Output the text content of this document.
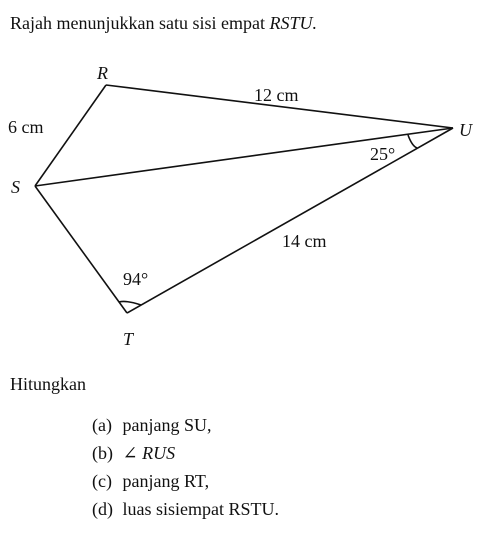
Rajah menunjukkan satu sisi empat RSTU.
R
S
T
U
6 cm
12 cm
14 cm
25°
94°
Hitungkan
(a) panjang SU,
(b) ∠ RUS
(c) panjang RT,
(d) luas sisiempat RSTU.
